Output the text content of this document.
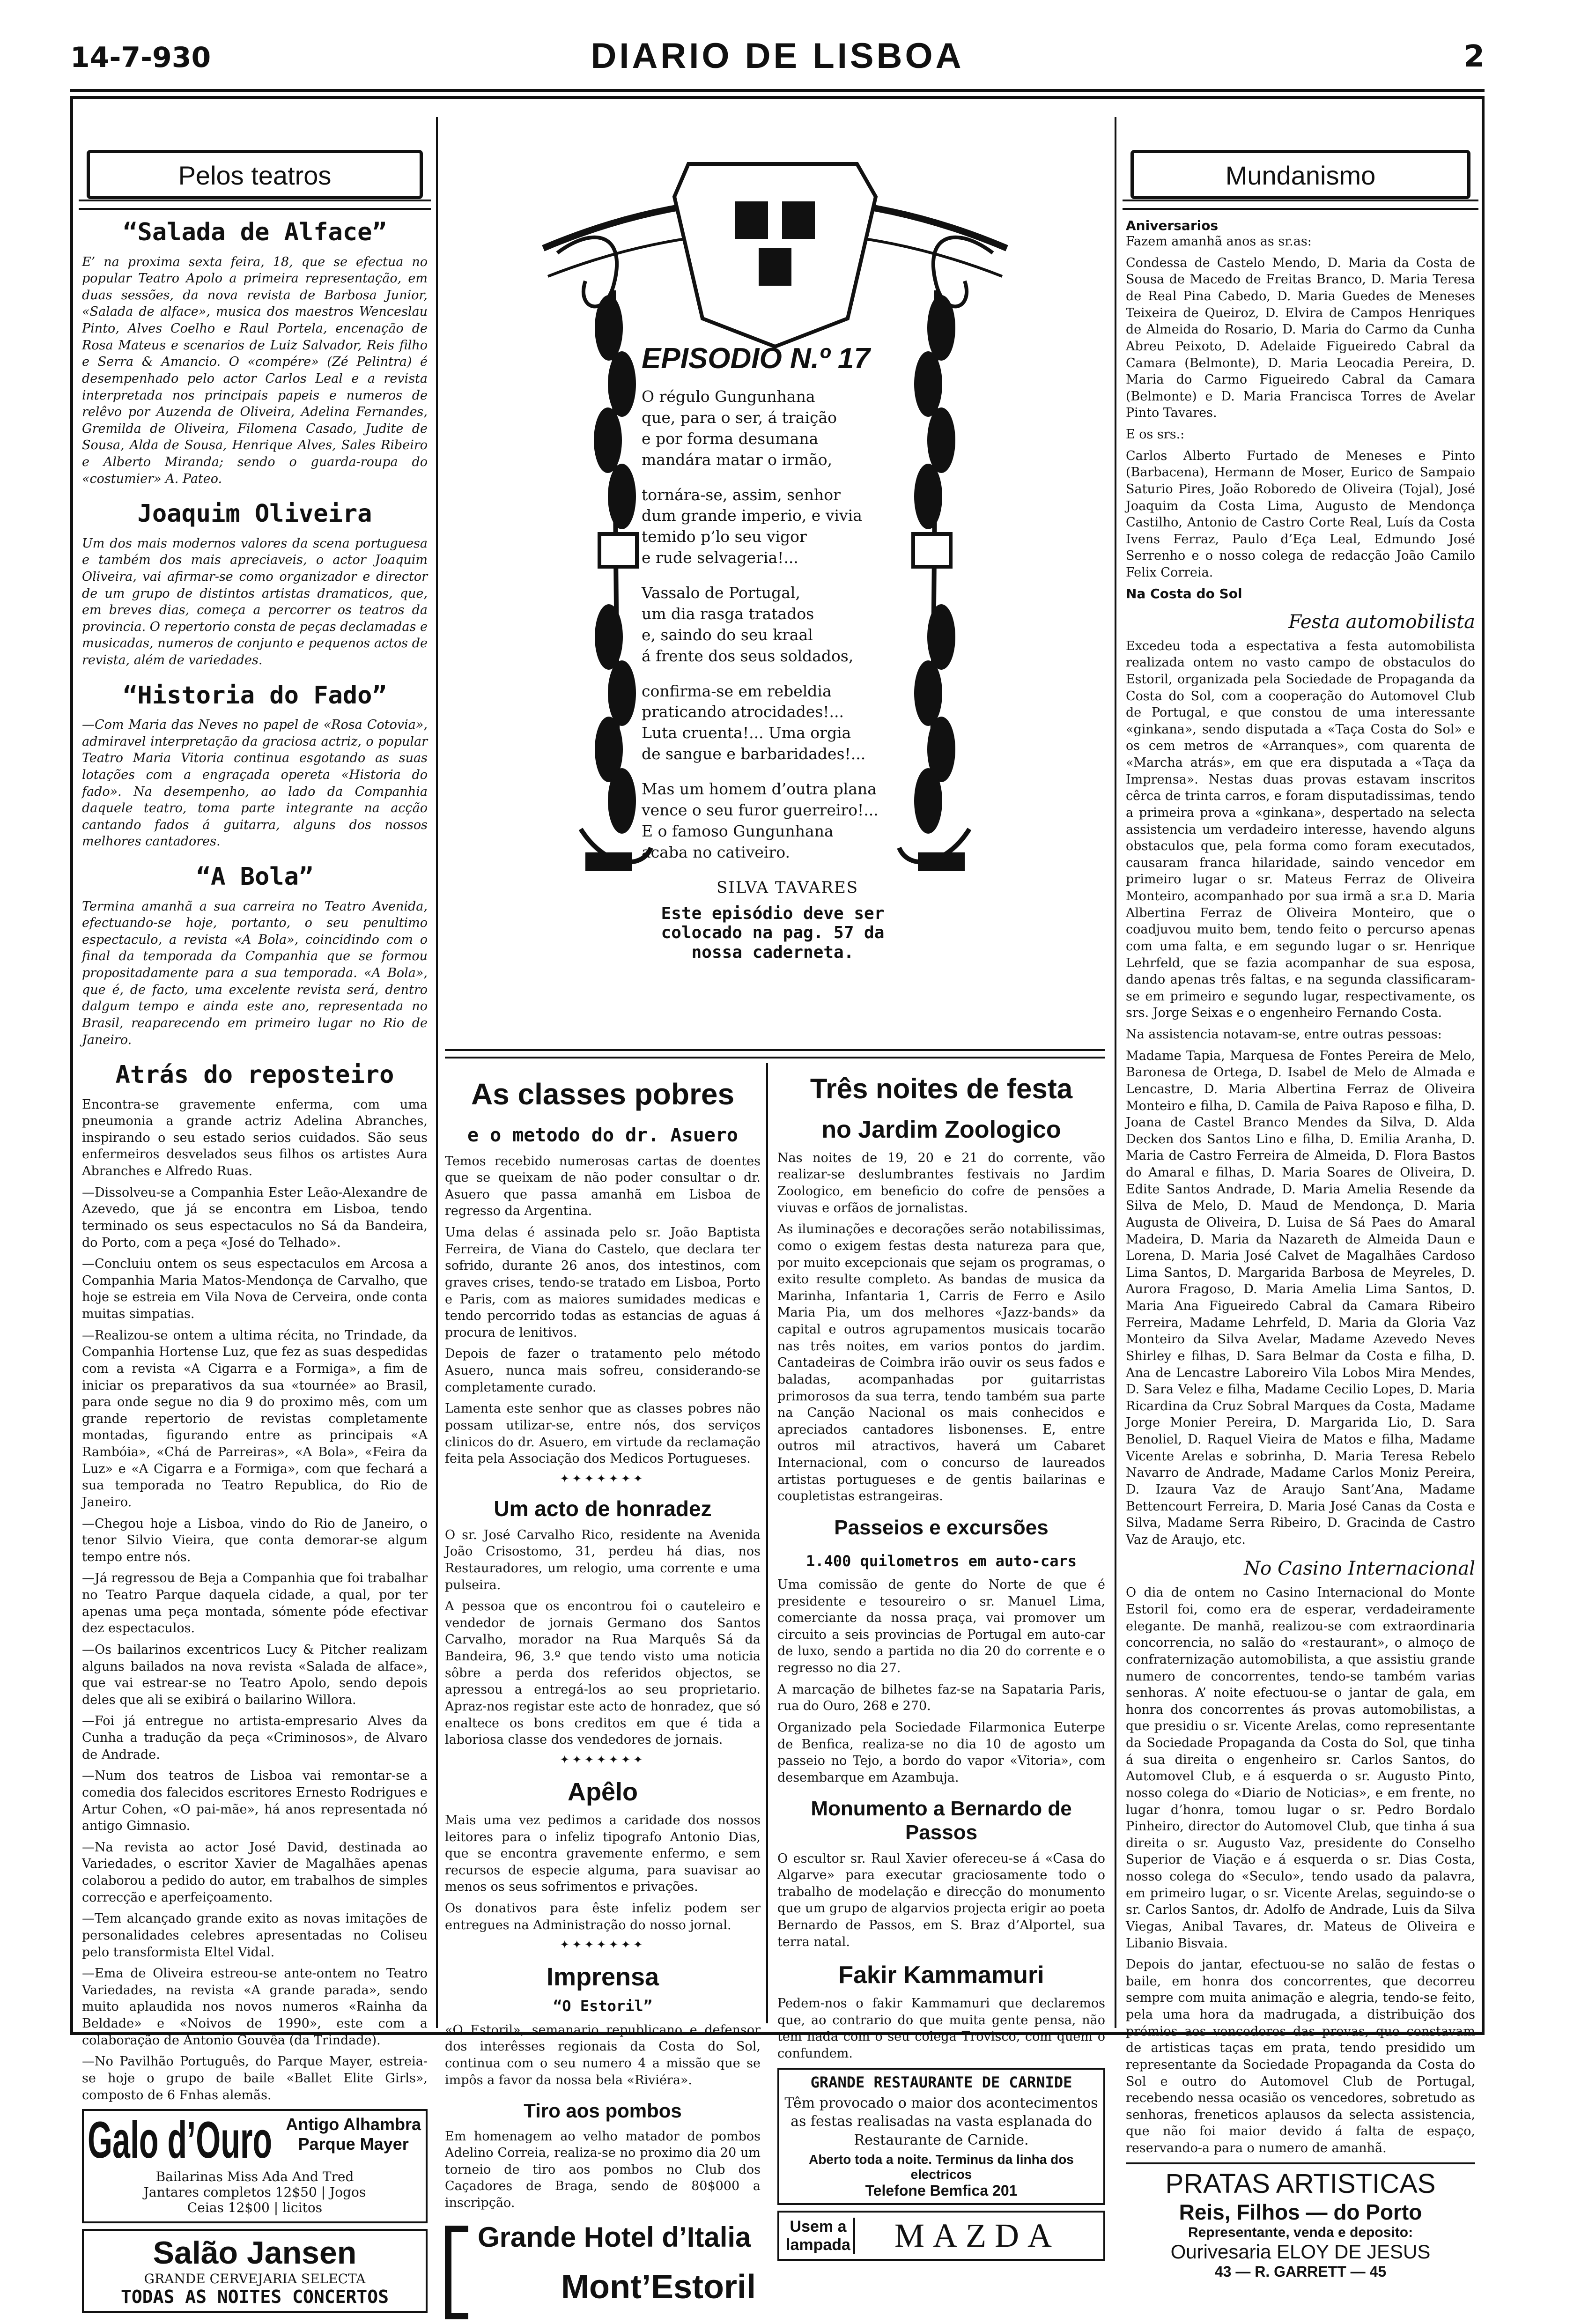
14-7-930	DIARIO DE LISBOA	2
Pelos teatros
“Salada de Alface”

E’ na proxima sexta feira, 18, que se efectua no popular Teatro Apolo a primeira representação, em duas sessões, da nova revista de Barbosa Junior, «Salada de alface», musica dos maestros Wenceslau Pinto, Alves Coelho e Raul Portela, encenação de Rosa Mateus e scenarios de Luiz Salvador, Reis filho e Serra & Amancio. O «compére» (Zé Pelintra) é desempenhado pelo actor Carlos Leal e a revista interpretada nos principais papeis e numeros de relêvo por Auzenda de Oliveira, Adelina Fernandes, Gremilda de Oliveira, Filomena Casado, Judite de Sousa, Alda de Sousa, Henrique Alves, Sales Ribeiro e Alberto Miranda; sendo o guarda-roupa do «costumier» A. Pateo.

Joaquim Oliveira

Um dos mais modernos valores da scena portuguesa e também dos mais apreciaveis, o actor Joaquim Oliveira, vai afirmar-se como organizador e director de um grupo de distintos artistas dramaticos, que, em breves dias, começa a percorrer os teatros da provincia. O repertorio consta de peças declamadas e musicadas, numeros de conjunto e pequenos actos de revista, além de variedades.

“Historia do Fado”

—Com Maria das Neves no papel de «Rosa Cotovia», admiravel interpretação da graciosa actriz, o popular Teatro Maria Vitoria continua esgotando as suas lotações com a engraçada opereta «Historia do fado». Na desempenho, ao lado da Companhia daquele teatro, toma parte integrante na acção cantando fados á guitarra, alguns dos nossos melhores cantadores.

“A Bola”

Termina amanhã a sua carreira no Teatro Avenida, efectuando-se hoje, portanto, o seu penultimo espectaculo, a revista «A Bola», coincidindo com o final da temporada da Companhia que se formou propositadamente para a sua temporada. «A Bola», que é, de facto, uma excelente revista será, dentro dalgum tempo e ainda este ano, representada no Brasil, reaparecendo em primeiro lugar no Rio de Janeiro.

Atrás do reposteiro

Encontra-se gravemente enferma, com uma pneumonia a grande actriz Adelina Abranches, inspirando o seu estado serios cuidados. São seus enfermeiros desvelados seus filhos os artistes Aura Abranches e Alfredo Ruas.

—Dissolveu-se a Companhia Ester Leão-Alexandre de Azevedo, que já se encontra em Lisboa, tendo terminado os seus espectaculos no Sá da Bandeira, do Porto, com a peça «José do Telhado».

—Concluiu ontem os seus espectaculos em Arcosa a Companhia Maria Matos-Mendonça de Carvalho, que hoje se estreia em Vila Nova de Cerveira, onde conta muitas simpatias.

—Realizou-se ontem a ultima récita, no Trindade, da Companhia Hortense Luz, que fez as suas despedidas com a revista «A Cigarra e a Formiga», a fim de iniciar os preparativos da sua «tournée» ao Brasil, para onde segue no dia 9 do proximo mês, com um grande repertorio de revistas completamente montadas, figurando entre as principais «A Rambóia», «Chá de Parreiras», «A Bola», «Feira da Luz» e «A Cigarra e a Formiga», com que fechará a sua temporada no Teatro Republica, do Rio de Janeiro.

—Chegou hoje a Lisboa, vindo do Rio de Janeiro, o tenor Silvio Vieira, que conta demorar-se algum tempo entre nós.

—Já regressou de Beja a Companhia que foi trabalhar no Teatro Parque daquela cidade, a qual, por ter apenas uma peça montada, sómente póde efectivar dez espectaculos.

—Os bailarinos excentricos Lucy & Pitcher realizam alguns bailados na nova revista «Salada de alface», que vai estrear-se no Teatro Apolo, sendo depois deles que ali se exibirá o bailarino Willora.

—Foi já entregue no artista-empresario Alves da Cunha a tradução da peça «Criminosos», de Alvaro de Andrade.

—Num dos teatros de Lisboa vai remontar-se a comedia dos falecidos escritores Ernesto Rodrigues e Artur Cohen, «O pai-mãe», há anos representada nó antigo Gimnasio.

—Na revista ao actor José David, destinada ao Variedades, o escritor Xavier de Magalhães apenas colaborou a pedido do autor, em trabalhos de simples correcção e aperfeiçoamento.

—Tem alcançado grande exito as novas imitações de personalidades celebres apresentadas no Coliseu pelo transformista Eltel Vidal.

—Ema de Oliveira estreou-se ante-ontem no Teatro Variedades, na revista «A grande parada», sendo muito aplaudida nos novos numeros «Rainha da Beldade» e «Noivos de 1990», este com a colaboração de Antonio Gouvêa (da Trindade).

—No Pavilhão Português, do Parque Mayer, estreia-se hoje o grupo de baile «Ballet Elite Girls», composto de 6 Fnhas alemãs.

Galo d’Ouro Antigo Alhambra
Parque Mayer
Bailarinas Miss Ada And Tred
Jantares completos 12$50 | Jogos
Ceias 12$00 | licitos
Salão Jansen
GRANDE CERVEJARIA SELECTA
TODAS AS NOITES CONCERTOS
EPISODIO N.º 17
O régulo Gungunhana
que, para o ser, á traição
e por forma desumana
mandára matar o irmão,
tornára-se, assim, senhor
dum grande imperio, e vivia
temido p’lo seu vigor
e rude selvageria!...
Vassalo de Portugal,
um dia rasga tratados
e, saindo do seu kraal
á frente dos seus soldados,
confirma-se em rebeldia
praticando atrocidades!...
Luta cruenta!... Uma orgia
de sangue e barbaridades!...
Mas um homem d’outra plana
vence o seu furor guerreiro!...
E o famoso Gungunhana
acaba no cativeiro.
SILVA TAVARES
Este episódio deve ser colocado na pag. 57 da nossa caderneta.
As classes pobres
e o metodo do dr. Asuero

Temos recebido numerosas cartas de doentes que se queixam de não poder consultar o dr. Asuero que passa amanhã em Lisboa de regresso da Argentina.

Uma delas é assinada pelo sr. João Baptista Ferreira, de Viana do Castelo, que declara ter sofrido, durante 26 anos, dos intestinos, com graves crises, tendo-se tratado em Lisboa, Porto e Paris, com as maiores sumidades medicas e tendo percorrido todas as estancias de aguas á procura de lenitivos.

Depois de fazer o tratamento pelo método Asuero, nunca mais sofreu, considerando-se completamente curado.

Lamenta este senhor que as classes pobres não possam utilizar-se, entre nós, dos serviços clinicos do dr. Asuero, em virtude da reclamação feita pela Associação dos Medicos Portugueses.

✦✦✦✦✦✦✦
Um acto de honradez

O sr. José Carvalho Rico, residente na Avenida João Crisostomo, 31, perdeu há dias, nos Restauradores, um relogio, uma corrente e uma pulseira.

A pessoa que os encontrou foi o cauteleiro e vendedor de jornais Germano dos Santos Carvalho, morador na Rua Marquês Sá da Bandeira, 96, 3.º que tendo visto uma noticia sôbre a perda dos referidos objectos, se apressou a entregá-los ao seu proprietario. Apraz-nos registar este acto de honradez, que só enaltece os bons creditos em que é tida a laboriosa classe dos vendedores de jornais.

✦✦✦✦✦✦✦
Apêlo

Mais uma vez pedimos a caridade dos nossos leitores para o infeliz tipografo Antonio Dias, que se encontra gravemente enfermo, e sem recursos de especie alguma, para suavisar ao menos os seus sofrimentos e privações.

Os donativos para êste infeliz podem ser entregues na Administração do nosso jornal.

✦✦✦✦✦✦✦
Imprensa
“O Estoril”

«O Estoril», semanario republicano e defensor dos interêsses regionais da Costa do Sol, continua com o seu numero 4 a missão que se impôs a favor da nossa bela «Riviéra».

Tiro aos pombos

Em homenagem ao velho matador de pombos Adelino Correia, realiza-se no proximo dia 20 um torneio de tiro aos pombos no Club dos Caçadores de Braga, sendo de 80$000 a inscripção.

Grande Hotel d’Italia
Mont’Estoril
Três noites de festa
no Jardim Zoologico

Nas noites de 19, 20 e 21 do corrente, vão realizar-se deslumbrantes festivais no Jardim Zoologico, em beneficio do cofre de pensões a viuvas e orfãos de jornalistas.

As iluminações e decorações serão notabilissimas, como o exigem festas desta natureza para que, por muito excepcionais que sejam os programas, o exito resulte completo. As bandas de musica da Marinha, Infantaria 1, Carris de Ferro e Asilo Maria Pia, um dos melhores «Jazz-bands» da capital e outros agrupamentos musicais tocarão nas três noites, em varios pontos do jardim. Cantadeiras de Coimbra irão ouvir os seus fados e baladas, acompanhadas por guitarristas primorosos da sua terra, tendo também sua parte na Canção Nacional os mais conhecidos e apreciados cantadores lisbonenses. E, entre outros mil atractivos, haverá um Cabaret Internacional, com o concurso de laureados artistas portugueses e de gentis bailarinas e coupletistas estrangeiras.

Passeios e excursões
1.400 quilometros em auto-cars

Uma comissão de gente do Norte de que é presidente e tesoureiro o sr. Manuel Lima, comerciante da nossa praça, vai promover um circuito a seis provincias de Portugal em auto-car de luxo, sendo a partida no dia 20 do corrente e o regresso no dia 27.

A marcação de bilhetes faz-se na Sapataria Paris, rua do Ouro, 268 e 270.

Organizado pela Sociedade Filarmonica Euterpe de Benfica, realiza-se no dia 10 de agosto um passeio no Tejo, a bordo do vapor «Vitoria», com desembarque em Azambuja.

Monumento a Bernardo de Passos

O escultor sr. Raul Xavier ofereceu-se á «Casa do Algarve» para executar graciosamente todo o trabalho de modelação e direcção do monumento que um grupo de algarvios projecta erigir ao poeta Bernardo de Passos, em S. Braz d’Alportel, sua terra natal.

Fakir Kammamuri

Pedem-nos o fakir Kammamuri que declaremos que, ao contrario do que muita gente pensa, não tem nada com o seu colega Trovisco, com quem o confundem.

GRANDE RESTAURANTE DE CARNIDE

Têm provocado o maior dos acontecimentos as festas realisadas na vasta esplanada do Restaurante de Carnide.

Aberto toda a noite. Terminus da linha dos electricos
Telefone Bemfica 201
Usem a lampada	MAZDA
Mundanismo
Aniversarios

Fazem amanhã anos as sr.as:

Condessa de Castelo Mendo, D. Maria da Costa de Sousa de Macedo de Freitas Branco, D. Maria Teresa de Real Pina Cabedo, D. Maria Guedes de Meneses Teixeira de Queiroz, D. Elvira de Campos Henriques de Almeida do Rosario, D. Maria do Carmo da Cunha Abreu Peixoto, D. Adelaide Figueiredo Cabral da Camara (Belmonte), D. Maria Leocadia Pereira, D. Maria do Carmo Figueiredo Cabral da Camara (Belmonte) e D. Maria Francisca Torres de Avelar Pinto Tavares.

E os srs.:

Carlos Alberto Furtado de Meneses e Pinto (Barbacena), Hermann de Moser, Eurico de Sampaio Saturio Pires, João Roboredo de Oliveira (Tojal), José Joaquim da Costa Lima, Augusto de Mendonça Castilho, Antonio de Castro Corte Real, Luís da Costa Ivens Ferraz, Paulo d’Eça Leal, Edmundo José Serrenho e o nosso colega de redacção João Camilo Felix Correia.

Na Costa do Sol
Festa automobilista

Excedeu toda a espectativa a festa automobilista realizada ontem no vasto campo de obstaculos do Estoril, organizada pela Sociedade de Propaganda da Costa do Sol, com a cooperação do Automovel Club de Portugal, e que constou de uma interessante «ginkana», sendo disputada a «Taça Costa do Sol» e os cem metros de «Arranques», com quarenta de «Marcha atrás», em que era disputada a «Taça da Imprensa». Nestas duas provas estavam inscritos cêrca de trinta carros, e foram disputadissimas, tendo a primeira prova a «ginkana», despertado na selecta assistencia um verdadeiro interesse, havendo alguns obstaculos que, pela forma como foram executados, causaram franca hilaridade, saindo vencedor em primeiro lugar o sr. Mateus Ferraz de Oliveira Monteiro, acompanhado por sua irmã a sr.a D. Maria Albertina Ferraz de Oliveira Monteiro, que o coadjuvou muito bem, tendo feito o percurso apenas com uma falta, e em segundo lugar o sr. Henrique Lehrfeld, que se fazia acompanhar de sua esposa, dando apenas três faltas, e na segunda classificaram-se em primeiro e segundo lugar, respectivamente, os srs. Jorge Seixas e o engenheiro Fernando Costa.

Na assistencia notavam-se, entre outras pessoas:

Madame Tapia, Marquesa de Fontes Pereira de Melo, Baronesa de Ortega, D. Isabel de Melo de Almada e Lencastre, D. Maria Albertina Ferraz de Oliveira Monteiro e filha, D. Camila de Paiva Raposo e filha, D. Joana de Castel Branco Mendes da Silva, D. Alda Decken dos Santos Lino e filha, D. Emilia Aranha, D. Maria de Castro Ferreira de Almeida, D. Flora Bastos do Amaral e filhas, D. Maria Soares de Oliveira, D. Edite Santos Andrade, D. Maria Amelia Resende da Silva de Melo, D. Maud de Mendonça, D. Maria Augusta de Oliveira, D. Luisa de Sá Paes do Amaral Madeira, D. Maria da Nazareth de Almeida Daun e Lorena, D. Maria José Calvet de Magalhães Cardoso Lima Santos, D. Margarida Barbosa de Meyreles, D. Aurora Fragoso, D. Maria Amelia Lima Santos, D. Maria Ana Figueiredo Cabral da Camara Ribeiro Ferreira, Madame Lehrfeld, D. Maria da Gloria Vaz Monteiro da Silva Avelar, Madame Azevedo Neves Shirley e filhas, D. Sara Belmar da Costa e filha, D. Ana de Lencastre Laboreiro Vila Lobos Mira Mendes, D. Sara Velez e filha, Madame Cecilio Lopes, D. Maria Ricardina da Cruz Sobral Marques da Costa, Madame Jorge Monier Pereira, D. Margarida Lio, D. Sara Benoliel, D. Raquel Vieira de Matos e filha, Madame Vicente Arelas e sobrinha, D. Maria Teresa Rebelo Navarro de Andrade, Madame Carlos Moniz Pereira, D. Izaura Vaz de Araujo Sant’Ana, Madame Bettencourt Ferreira, D. Maria José Canas da Costa e Silva, Madame Serra Ribeiro, D. Gracinda de Castro Vaz de Araujo, etc.

No Casino Internacional

O dia de ontem no Casino Internacional do Monte Estoril foi, como era de esperar, verdadeiramente elegante. De manhã, realizou-se com extraordinaria concorrencia, no salão do «restaurant», o almoço de confraternização automobilista, a que assistiu grande numero de concorrentes, tendo-se também varias senhoras. A’ noite efectuou-se o jantar de gala, em honra dos concorrentes ás provas automobilistas, a que presidiu o sr. Vicente Arelas, como representante da Sociedade Propaganda da Costa do Sol, que tinha á sua direita o engenheiro sr. Carlos Santos, do Automovel Club, e á esquerda o sr. Augusto Pinto, nosso colega do «Diario de Noticias», e em frente, no lugar d’honra, tomou lugar o sr. Pedro Bordalo Pinheiro, director do Automovel Club, que tinha á sua direita o sr. Augusto Vaz, presidente do Conselho Superior de Viação e á esquerda o sr. Dias Costa, nosso colega do «Seculo», tendo usado da palavra, em primeiro lugar, o sr. Vicente Arelas, seguindo-se o sr. Carlos Santos, dr. Adolfo de Andrade, Luis da Silva Viegas, Anibal Tavares, dr. Mateus de Oliveira e Libanio Bisvaia.

Depois do jantar, efectuou-se no salão de festas o baile, em honra dos concorrentes, que decorreu sempre com muita animação e alegria, tendo-se feito, pela uma hora da madrugada, a distribuição dos prémios aos vencedores das provas, que constavam de artisticas taças em prata, tendo presidido um representante da Sociedade Propaganda da Costa do Sol e outro do Automovel Club de Portugal, recebendo nessa ocasião os vencedores, sobretudo as senhoras, freneticos aplausos da selecta assistencia, que não foi maior devido á falta de espaço, reservando-a para o numero de amanhã.

PRATAS ARTISTICAS
Reis, Filhos — do Porto
Representante, venda e deposito:
Ourivesaria ELOY DE JESUS
43 — R. GARRETT — 45
